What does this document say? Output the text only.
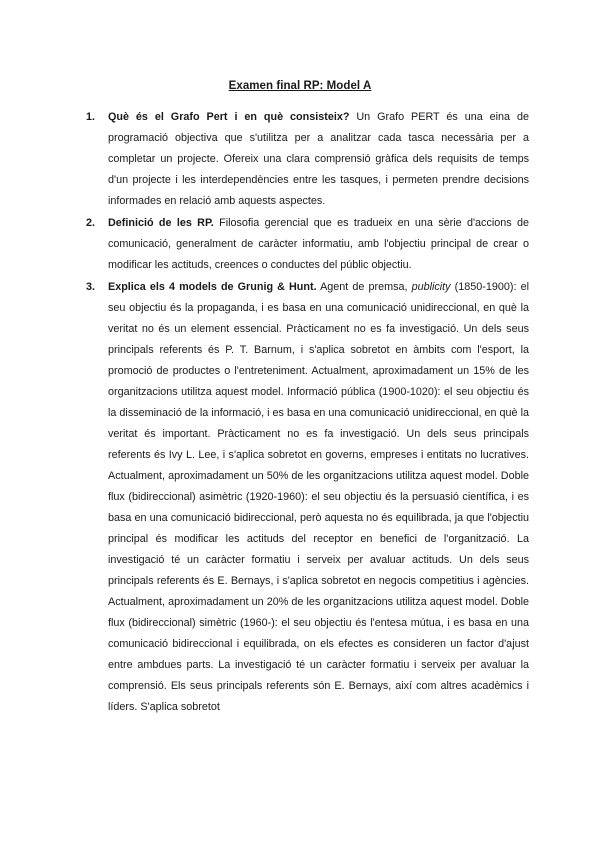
Examen final RP: Model A
1. Què és el Grafo Pert i en què consisteix? Un Grafo PERT és una eina de programació objectiva que s'utilitza per a analitzar cada tasca necessària per a completar un projecte. Ofereix una clara comprensió gràfica dels requisits de temps d'un projecte i les interdependències entre les tasques, i permeten prendre decisions informades en relació amb aquests aspectes.
2. Definició de les RP. Filosofia gerencial que es tradueix en una sèrie d'accions de comunicació, generalment de caràcter informatiu, amb l'objectiu principal de crear o modificar les actituds, creences o conductes del públic objectiu.
3. Explica els 4 models de Grunig & Hunt. Agent de premsa, publicity (1850-1900): el seu objectiu és la propaganda, i es basa en una comunicació unidireccional, en què la veritat no és un element essencial. Pràcticament no es fa investigació. Un dels seus principals referents és P. T. Barnum, i s'aplica sobretot en àmbits com l'esport, la promoció de productes o l'entreteniment. Actualment, aproximadament un 15% de les organitzacions utilitza aquest model. Informació pública (1900-1020): el seu objectiu és la disseminació de la informació, i es basa en una comunicació unidireccional, en què la veritat és important. Pràcticament no es fa investigació. Un dels seus principals referents és Ivy L. Lee, i s'aplica sobretot en governs, empreses i entitats no lucratives. Actualment, aproximadament un 50% de les organitzacions utilitza aquest model. Doble flux (bidireccional) asimètric (1920-1960): el seu objectiu és la persuasió científica, i es basa en una comunicació bidireccional, però aquesta no és equilibrada, ja que l'objectiu principal és modificar les actituds del receptor en benefici de l'organització. La investigació té un caràcter formatiu i serveix per avaluar actituds. Un dels seus principals referents és E. Bernays, i s'aplica sobretot en negocis competitius i agències. Actualment, aproximadament un 20% de les organitzacions utilitza aquest model. Doble flux (bidireccional) simètric (1960-): el seu objectiu és l'entesa mútua, i es basa en una comunicació bidireccional i equilibrada, on els efectes es consideren un factor d'ajust entre ambdues parts. La investigació té un caràcter formatiu i serveix per avaluar la comprensió. Els seus principals referents són E. Bernays, així com altres acadèmics i líders. S'aplica sobretot
